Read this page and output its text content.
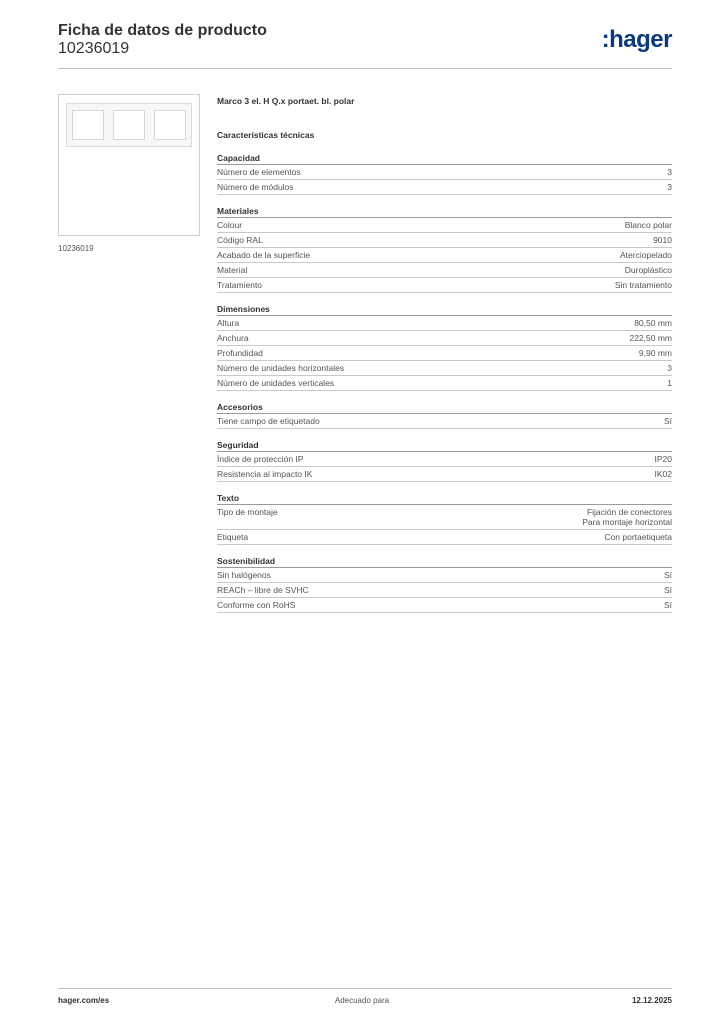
Ficha de datos de producto
10236019	:hager
10236019
Marco 3 el. H Q.x portaet. bl. polar
Características técnicas
Capacidad
Número de elementos	3
Número de módulos	3
Materiales
Colour	Blanco polar
Código RAL	9010
Acabado de la superficie	Aterciopelado
Material	Duroplástico
Tratamiento	Sin tratamiento
Dimensiones
Altura	80,50 mm
Anchura	222,50 mm
Profundidad	9,90 mm
Número de unidades horizontales	3
Número de unidades verticales	1
Accesorios
Tiene campo de etiquetado	Sí
Seguridad
Índice de protección IP	IP20
Resistencia al impacto IK	IK02
Texto
Tipo de montaje	Fijación de conectores
Para montaje horizontal
Etiqueta	Con portaetiqueta
Sostenibilidad
Sin halógenos	Sí
REACh – libre de SVHC	Sí
Conforme con RoHS	Sí
hager.com/es	Adecuado para	12.12.2025
